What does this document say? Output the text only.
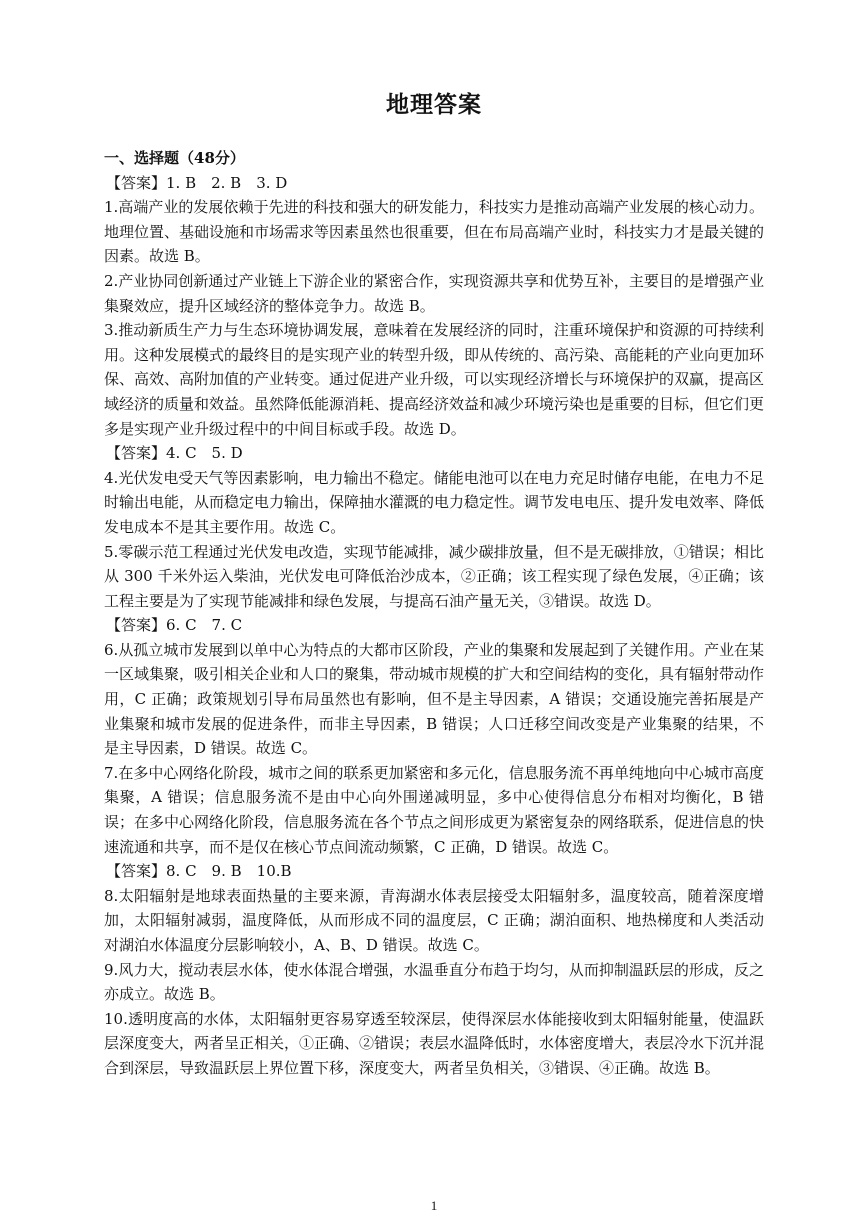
地理答案

一、选择题（48分）

【答案】1. B　2. B　3. D

1.高端产业的发展依赖于先进的科技和强大的研发能力，科技实力是推动高端产业发展的核心动力。地理位置、基础设施和市场需求等因素虽然也很重要，但在布局高端产业时，科技实力才是最关键的因素。故选 B。

2.产业协同创新通过产业链上下游企业的紧密合作，实现资源共享和优势互补，主要目的是增强产业集聚效应，提升区域经济的整体竞争力。故选 B。

3.推动新质生产力与生态环境协调发展，意味着在发展经济的同时，注重环境保护和资源的可持续利用。这种发展模式的最终目的是实现产业的转型升级，即从传统的、高污染、高能耗的产业向更加环保、高效、高附加值的产业转变。通过促进产业升级，可以实现经济增长与环境保护的双赢，提高区域经济的质量和效益。虽然降低能源消耗、提高经济效益和减少环境污染也是重要的目标，但它们更多是实现产业升级过程中的中间目标或手段。故选 D。

【答案】4. C　5. D

4.光伏发电受天气等因素影响，电力输出不稳定。储能电池可以在电力充足时储存电能，在电力不足时输出电能，从而稳定电力输出，保障抽水灌溉的电力稳定性。调节发电电压、提升发电效率、降低发电成本不是其主要作用。故选 C。

5.零碳示范工程通过光伏发电改造，实现节能减排，减少碳排放量，但不是无碳排放，①错误；相比从 300 千米外运入柴油，光伏发电可降低治沙成本，②正确；该工程实现了绿色发展，④正确；该工程主要是为了实现节能减排和绿色发展，与提高石油产量无关，③错误。故选 D。

【答案】6. C　7. C

6.从孤立城市发展到以单中心为特点的大都市区阶段，产业的集聚和发展起到了关键作用。产业在某一区域集聚，吸引相关企业和人口的聚集，带动城市规模的扩大和空间结构的变化，具有辐射带动作用，C 正确；政策规划引导布局虽然也有影响，但不是主导因素，A 错误；交通设施完善拓展是产业集聚和城市发展的促进条件，而非主导因素，B 错误；人口迁移空间改变是产业集聚的结果，不是主导因素，D 错误。故选 C。

7.在多中心网络化阶段，城市之间的联系更加紧密和多元化，信息服务流不再单纯地向中心城市高度集聚，A 错误；信息服务流不是由中心向外围递减明显，多中心使得信息分布相对均衡化，B 错误；在多中心网络化阶段，信息服务流在各个节点之间形成更为紧密复杂的网络联系，促进信息的快速流通和共享，而不是仅在核心节点间流动频繁，C 正确，D 错误。故选 C。

【答案】8. C　9. B　10.B

8.太阳辐射是地球表面热量的主要来源，青海湖水体表层接受太阳辐射多，温度较高，随着深度增加，太阳辐射减弱，温度降低，从而形成不同的温度层，C 正确；湖泊面积、地热梯度和人类活动对湖泊水体温度分层影响较小，A、B、D 错误。故选 C。

9.风力大，搅动表层水体，使水体混合增强，水温垂直分布趋于均匀，从而抑制温跃层的形成，反之亦成立。故选 B。

10.透明度高的水体，太阳辐射更容易穿透至较深层，使得深层水体能接收到太阳辐射能量，使温跃层深度变大，两者呈正相关，①正确、②错误；表层水温降低时，水体密度增大，表层冷水下沉并混合到深层，导致温跃层上界位置下移，深度变大，两者呈负相关，③错误、④正确。故选 B。

1
